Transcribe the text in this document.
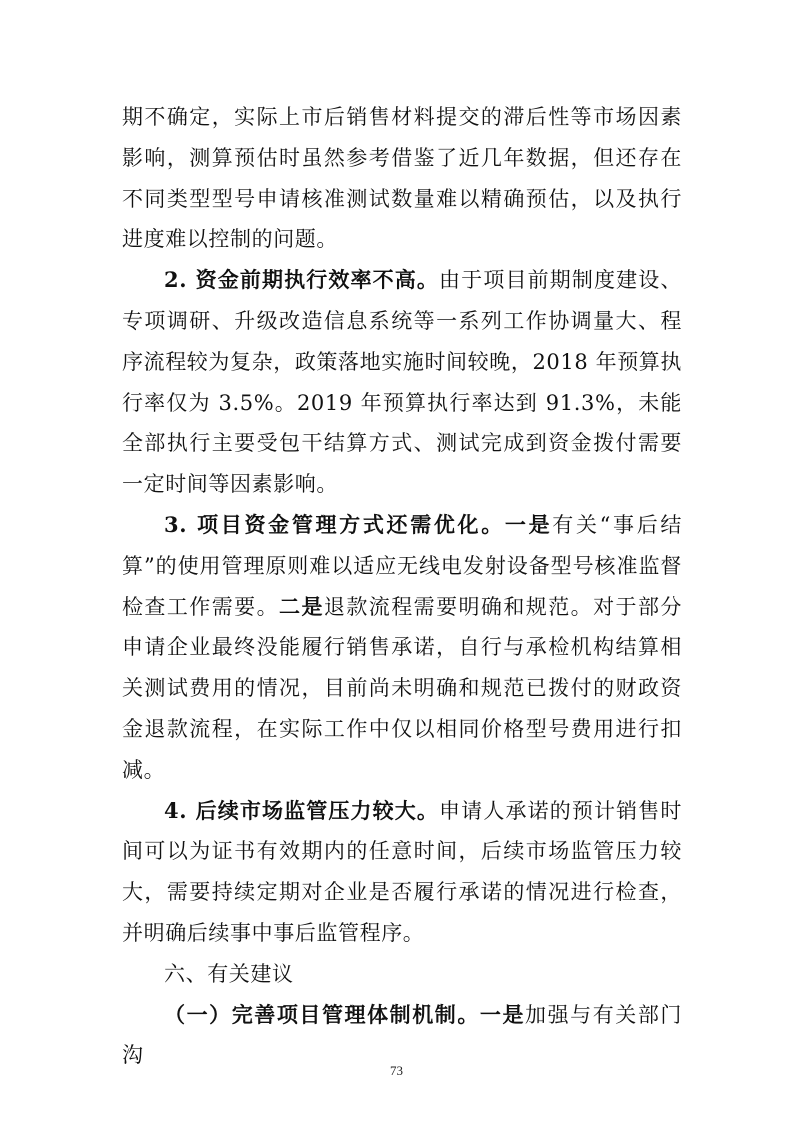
期不确定，实际上市后销售材料提交的滞后性等市场因素影响，测算预估时虽然参考借鉴了近几年数据，但还存在不同类型型号申请核准测试数量难以精确预估，以及执行进度难以控制的问题。

2. 资金前期执行效率不高。由于项目前期制度建设、专项调研、升级改造信息系统等一系列工作协调量大、程序流程较为复杂，政策落地实施时间较晚，2018 年预算执行率仅为 3.5%。2019 年预算执行率达到 91.3%，未能全部执行主要受包干结算方式、测试完成到资金拨付需要一定时间等因素影响。

3. 项目资金管理方式还需优化。一是有关“事后结算”的使用管理原则难以适应无线电发射设备型号核准监督检查工作需要。二是退款流程需要明确和规范。对于部分申请企业最终没能履行销售承诺，自行与承检机构结算相关测试费用的情况，目前尚未明确和规范已拨付的财政资金退款流程，在实际工作中仅以相同价格型号费用进行扣减。

4. 后续市场监管压力较大。申请人承诺的预计销售时间可以为证书有效期内的任意时间，后续市场监管压力较大，需要持续定期对企业是否履行承诺的情况进行检查，并明确后续事中事后监管程序。

六、有关建议

（一）完善项目管理体制机制。一是加强与有关部门沟

73
